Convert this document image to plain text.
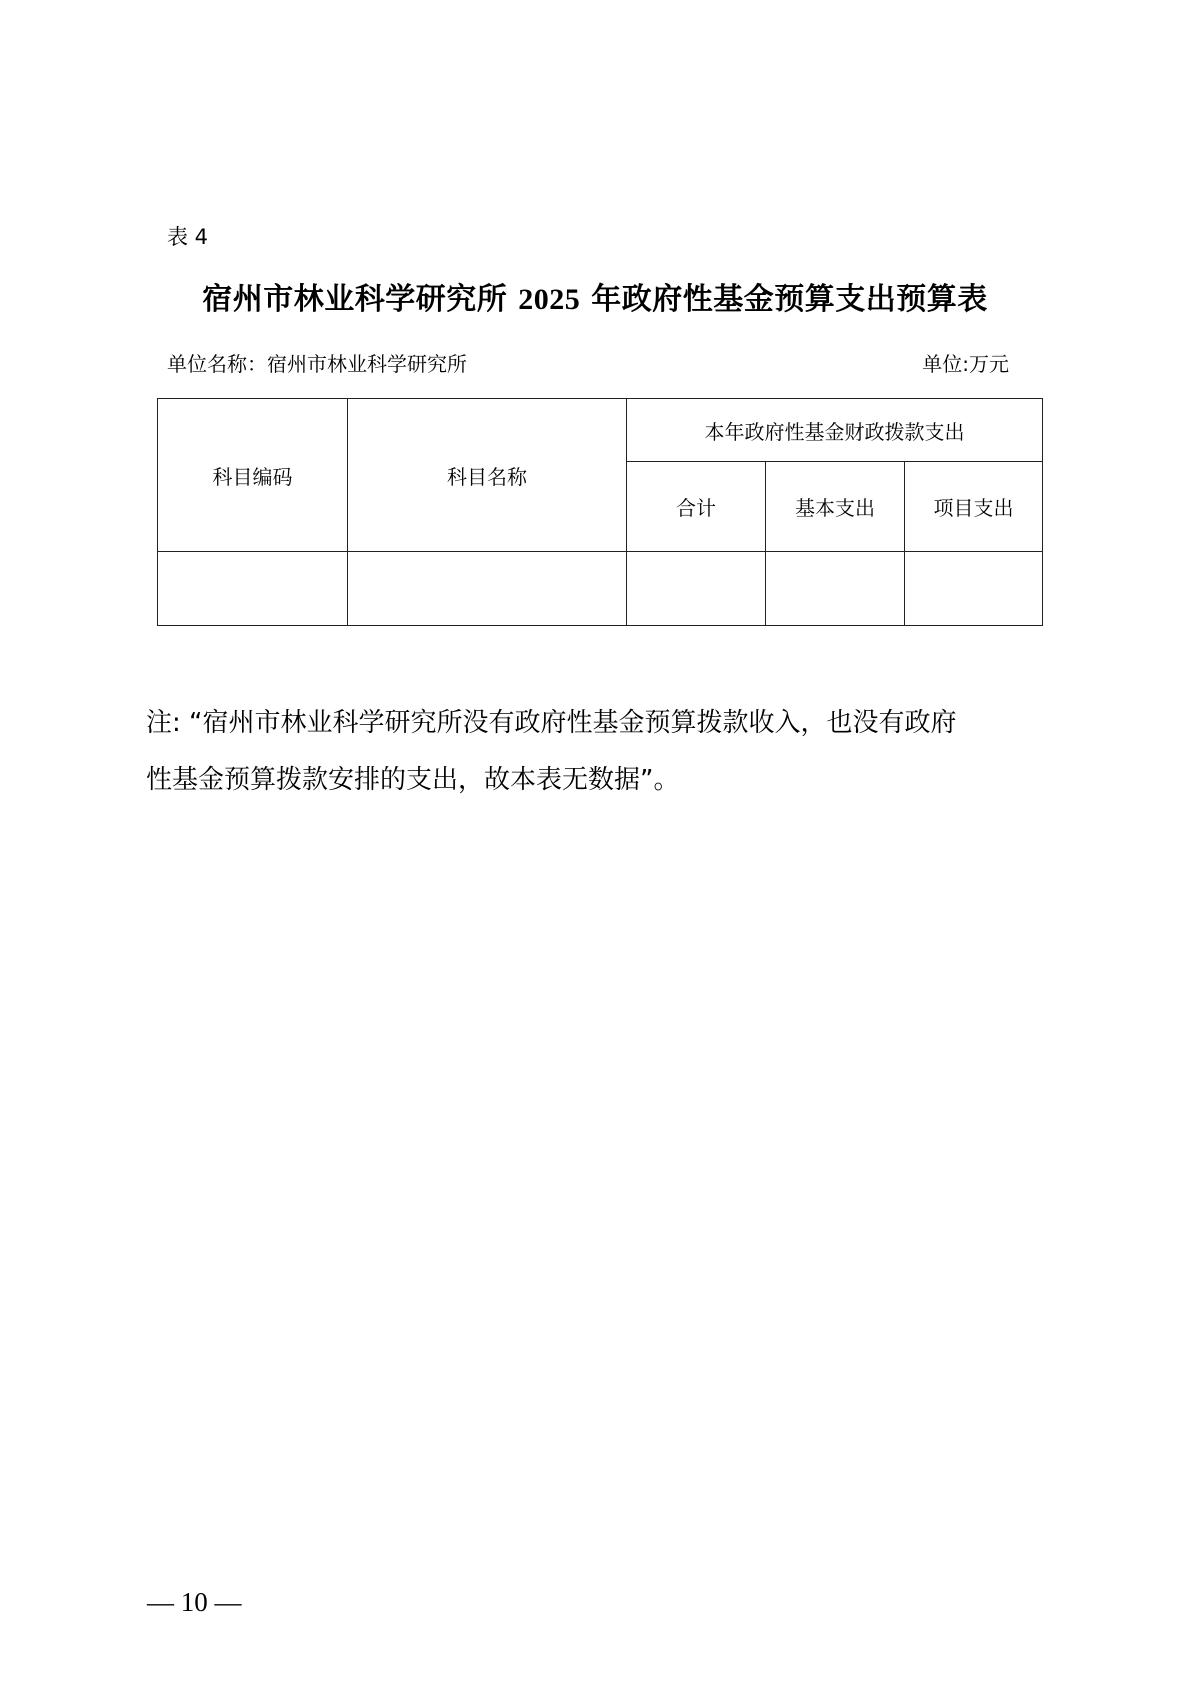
表 4
宿州市林业科学研究所 2025 年政府性基金预算支出预算表
单位名称：宿州市林业科学研究所	单位:万元
科目编码	科目名称	本年政府性基金财政拨款支出		
		合计	基本支出	项目支出

注: “宿州市林业科学研究所没有政府性基金预算拨款收入，也没有政府
性基金预算拨款安排的支出，故本表无数据”。
— 10 —
